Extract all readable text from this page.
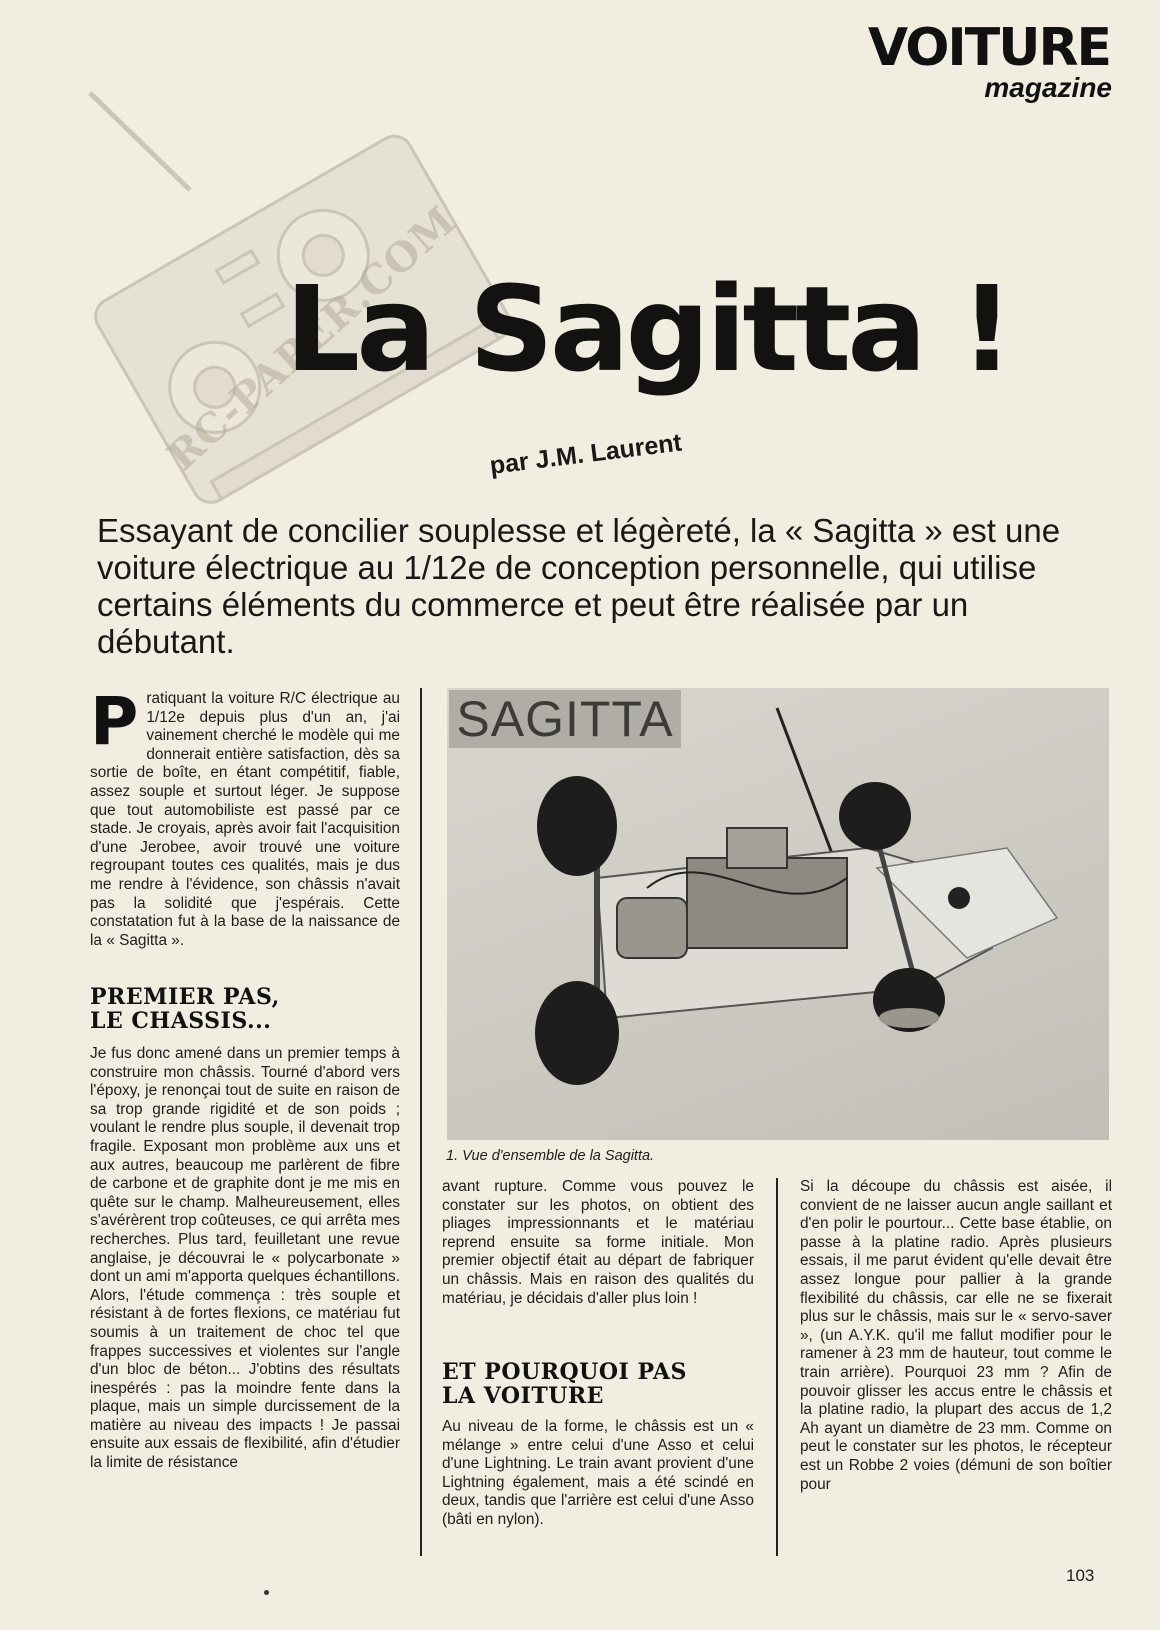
VOITURE
magazine
RC-PAPER.COM
La Sagitta !
par J.M. Laurent

Essayant de concilier souplesse et légèreté, la « Sagitta » est une voiture électrique au 1/12e de conception personnelle, qui utilise certains éléments du commerce et peut être réalisée par un débutant.

P ratiquant la voiture R/C électrique au 1/12e depuis plus d'un an, j'ai vainement cherché le modèle qui me donnerait entière satisfaction, dès sa sortie de boîte, en étant compétitif, fiable, assez souple et surtout léger. Je suppose que tout automobiliste est passé par ce stade. Je croyais, après avoir fait l'acquisition d'une Jerobee, avoir trouvé une voiture regroupant toutes ces qualités, mais je dus me rendre à l'évidence, son châssis n'avait pas la solidité que j'espérais. Cette constatation fut à la base de la naissance de la « Sagitta ».
PREMIER PAS,
LE CHASSIS...

Je fus donc amené dans un premier temps à construire mon châssis. Tourné d'abord vers l'époxy, je renonçai tout de suite en raison de sa trop grande rigidité et de son poids ; voulant le rendre plus souple, il devenait trop fragile. Exposant mon problème aux uns et aux autres, beaucoup me parlèrent de fibre de carbone et de graphite dont je me mis en quête sur le champ. Malheureusement, elles s'avérèrent trop coûteuses, ce qui arrêta mes recherches. Plus tard, feuilletant une revue anglaise, je découvrai le « polycarbonate » dont un ami m'apporta quelques échantillons. Alors, l'étude commença : très souple et résistant à de fortes flexions, ce matériau fut soumis à un traitement de choc tel que frappes successives et violentes sur l'angle d'un bloc de béton... J'obtins des résultats inespérés : pas la moindre fente dans la plaque, mais un simple durcissement de la matière au niveau des impacts ! Je passai ensuite aux essais de flexibilité, afin d'étudier la limite de résistance

SAGITTA
1. Vue d'ensemble de la Sagitta.

avant rupture. Comme vous pouvez le constater sur les photos, on obtient des pliages impressionnants et le matériau reprend ensuite sa forme initiale. Mon premier objectif était au départ de fabriquer un châssis. Mais en raison des qualités du matériau, je décidais d'aller plus loin !

ET POURQUOI PAS
LA VOITURE

Au niveau de la forme, le châssis est un « mélange » entre celui d'une Asso et celui d'une Lightning. Le train avant provient d'une Lightning également, mais a été scindé en deux, tandis que l'arrière est celui d'une Asso (bâti en nylon).

Si la découpe du châssis est aisée, il convient de ne laisser aucun angle saillant et d'en polir le pourtour... Cette base établie, on passe à la platine radio. Après plusieurs essais, il me parut évident qu'elle devait être assez longue pour pallier à la grande flexibilité du châssis, car elle ne se fixerait plus sur le châssis, mais sur le « servo-saver », (un A.Y.K. qu'il me fallut modifier pour le ramener à 23 mm de hauteur, tout comme le train arrière). Pourquoi 23 mm ? Afin de pouvoir glisser les accus entre le châssis et la platine radio, la plupart des accus de 1,2 Ah ayant un diamètre de 23 mm. Comme on peut le constater sur les photos, le récepteur est un Robbe 2 voies (démuni de son boîtier pour

103
